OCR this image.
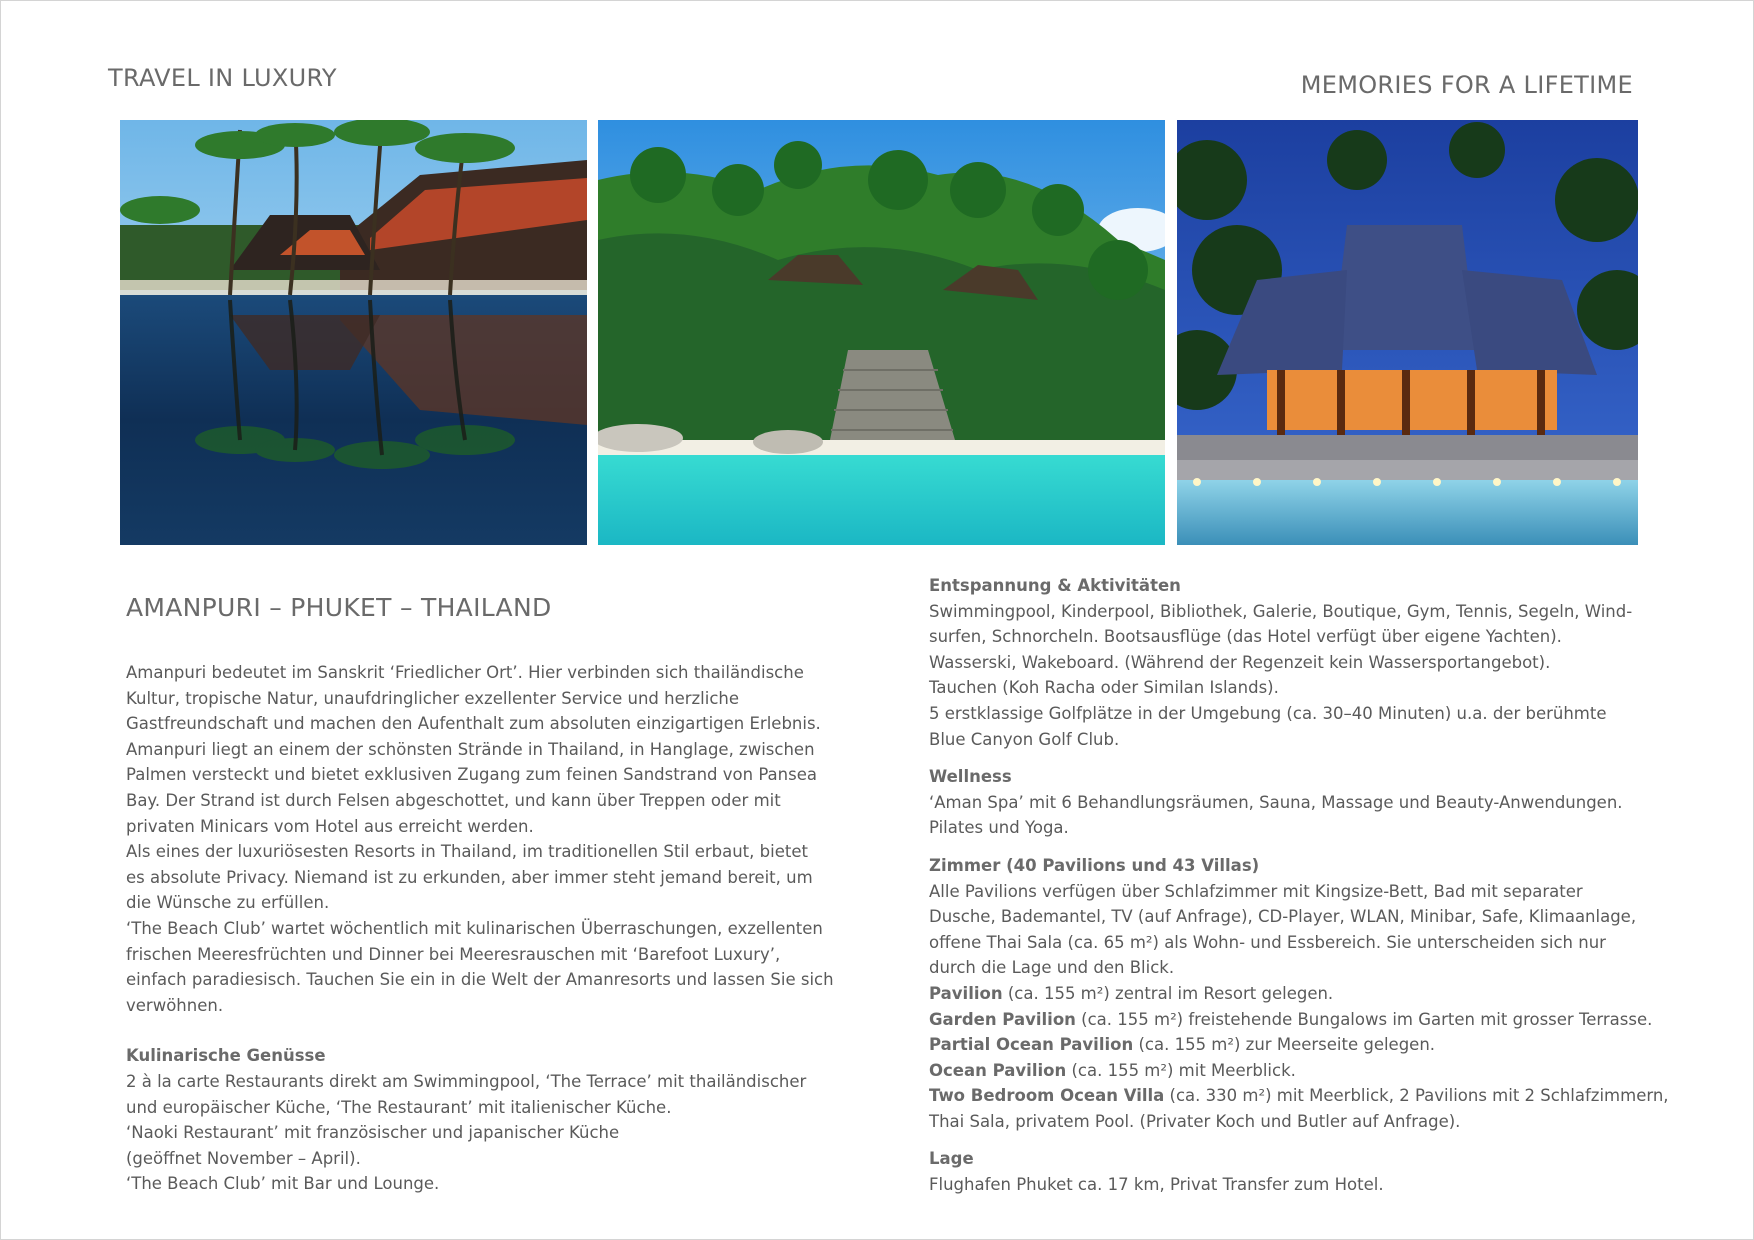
TRAVEL IN LUXURY	MEMORIES FOR A LIFETIME
AMANPURI – PHUKET – THAILAND

Amanpuri bedeutet im Sanskrit ‘Friedlicher Ort’. Hier verbinden sich thailändische
Kultur, tropische Natur, unaufdringlicher exzellenter Service und herzliche
Gastfreundschaft und machen den Aufenthalt zum absoluten einzigartigen Erlebnis.
Amanpuri liegt an einem der schönsten Strände in Thailand, in Hanglage, zwischen
Palmen versteckt und bietet exklusiven Zugang zum feinen Sandstrand von Pansea
Bay. Der Strand ist durch Felsen abgeschottet, und kann über Treppen oder mit
privaten Minicars vom Hotel aus erreicht werden.
Als eines der luxuriösesten Resorts in Thailand, im traditionellen Stil erbaut, bietet
es absolute Privacy. Niemand ist zu erkunden, aber immer steht jemand bereit, um
die Wünsche zu erfüllen.
‘The Beach Club’ wartet wöchentlich mit kulinarischen Überraschungen, exzellenten
frischen Meeresfrüchten und Dinner bei Meeresrauschen mit ‘Barefoot Luxury’,
einfach paradiesisch. Tauchen Sie ein in die Welt der Amanresorts und lassen Sie sich
verwöhnen.

Kulinarische Genüsse
2 à la carte Restaurants direkt am Swimmingpool, ‘The Terrace’ mit thailändischer
und europäischer Küche, ‘The Restaurant’ mit italienischer Küche.
‘Naoki Restaurant’ mit französischer und japanischer Küche
(geöffnet November – April).
‘The Beach Club’ mit Bar und Lounge.
Entspannung & Aktivitäten
Swimmingpool, Kinderpool, Bibliothek, Galerie, Boutique, Gym, Tennis, Segeln, Wind-
surfen, Schnorcheln. Bootsausflüge (das Hotel verfügt über eigene Yachten).
Wasserski, Wakeboard. (Während der Regenzeit kein Wassersportangebot).
Tauchen (Koh Racha oder Similan Islands).
5 erstklassige Golfplätze in der Umgebung (ca. 30–40 Minuten) u.a. der berühmte
Blue Canyon Golf Club.
Wellness
‘Aman Spa’ mit 6 Behandlungsräumen, Sauna, Massage und Beauty-Anwendungen.
Pilates und Yoga.
Zimmer (40 Pavilions und 43 Villas)
Alle Pavilions verfügen über Schlafzimmer mit Kingsize-Bett, Bad mit separater
Dusche, Bademantel, TV (auf Anfrage), CD-Player, WLAN, Minibar, Safe, Klimaanlage,
offene Thai Sala (ca. 65 m²) als Wohn- und Essbereich. Sie unterscheiden sich nur
durch die Lage und den Blick.
Pavilion (ca. 155 m²) zentral im Resort gelegen.
Garden Pavilion (ca. 155 m²) freistehende Bungalows im Garten mit grosser Terrasse.
Partial Ocean Pavilion (ca. 155 m²) zur Meerseite gelegen.
Ocean Pavilion (ca. 155 m²) mit Meerblick.
Two Bedroom Ocean Villa (ca. 330 m²) mit Meerblick, 2 Pavilions mit 2 Schlafzimmern,
Thai Sala, privatem Pool. (Privater Koch und Butler auf Anfrage).
Lage
Flughafen Phuket ca. 17 km, Privat Transfer zum Hotel.
